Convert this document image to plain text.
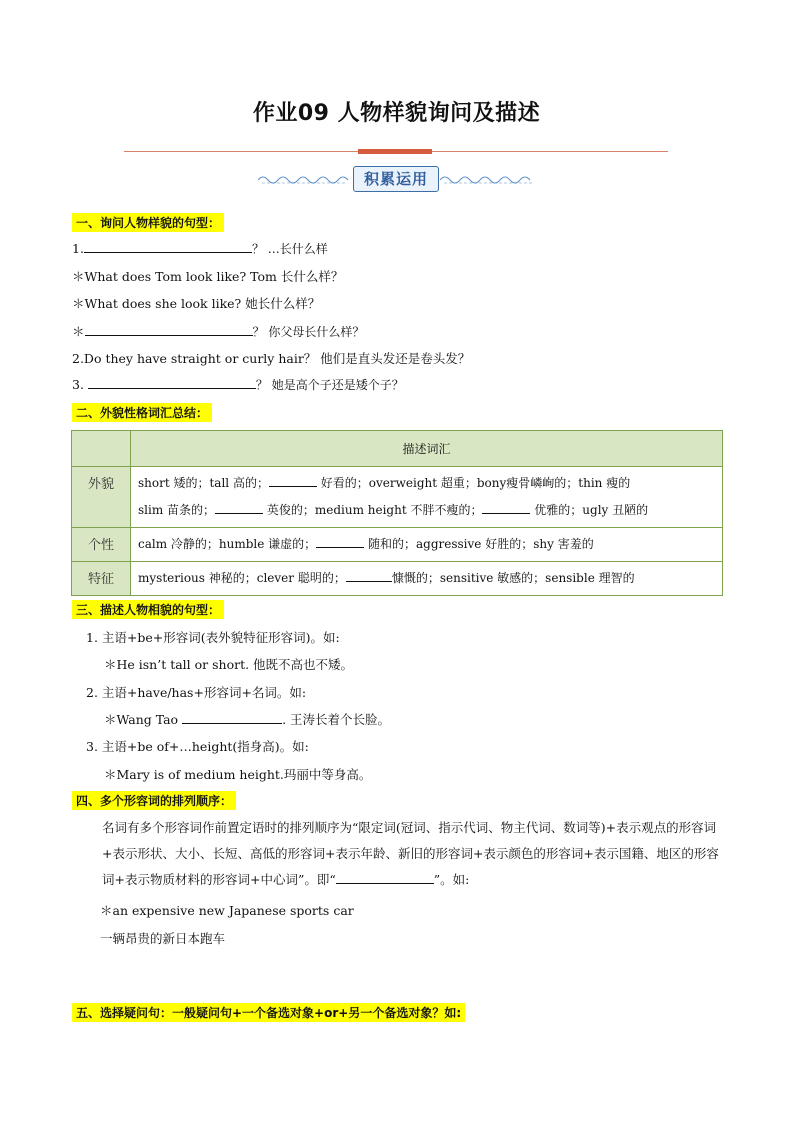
作业09 人物样貌询问及描述
积累运用
一、询问人物样貌的句型：
1.	？ …长什么样
＊What does Tom look like? Tom 长什么样？
＊What does she look like? 她长什么样？
＊	？ 你父母长什么样？
2.Do they have straight or curly hair？ 他们是直头发还是卷头发？
3.	？ 她是高个子还是矮个子？
二、外貌性格词汇总结：
	描述词汇
外貌	short 矮的；tall 高的； 好看的；overweight 超重；bony瘦骨嶙峋的；thin 瘦的
slim 苗条的； 英俊的；medium height 不胖不瘦的； 优雅的；ugly 丑陋的

个性	calm 冷静的；humble 谦虚的； 随和的；aggressive 好胜的；shy 害羞的
特征	mysterious 神秘的；clever 聪明的； 慷慨的；sensitive 敏感的；sensible 理智的
三、描述人物相貌的句型：
1. 主语+be+形容词(表外貌特征形容词)。如:
＊He isn’t tall or short. 他既不高也不矮。
2. 主语+have/has+形容词+名词。如:
＊Wang Tao	. 王涛长着个长脸。
3. 主语+be of+…height(指身高)。如:
＊Mary is of medium height.玛丽中等身高。
四、多个形容词的排列顺序：
名词有多个形容词作前置定语时的排列顺序为“限定词(冠词、指示代词、物主代词、数词等)+表示观点的形容词+表示形状、大小、长短、高低的形容词+表示年龄、新旧的形容词+表示颜色的形容词+表示国籍、地区的形容词+表示物质材料的形容词+中心词”。即“	”。如:
＊an expensive new Japanese sports car
一辆昂贵的新日本跑车
五、选择疑问句：一般疑问句+一个备选对象+or+另一个备选对象？如:
